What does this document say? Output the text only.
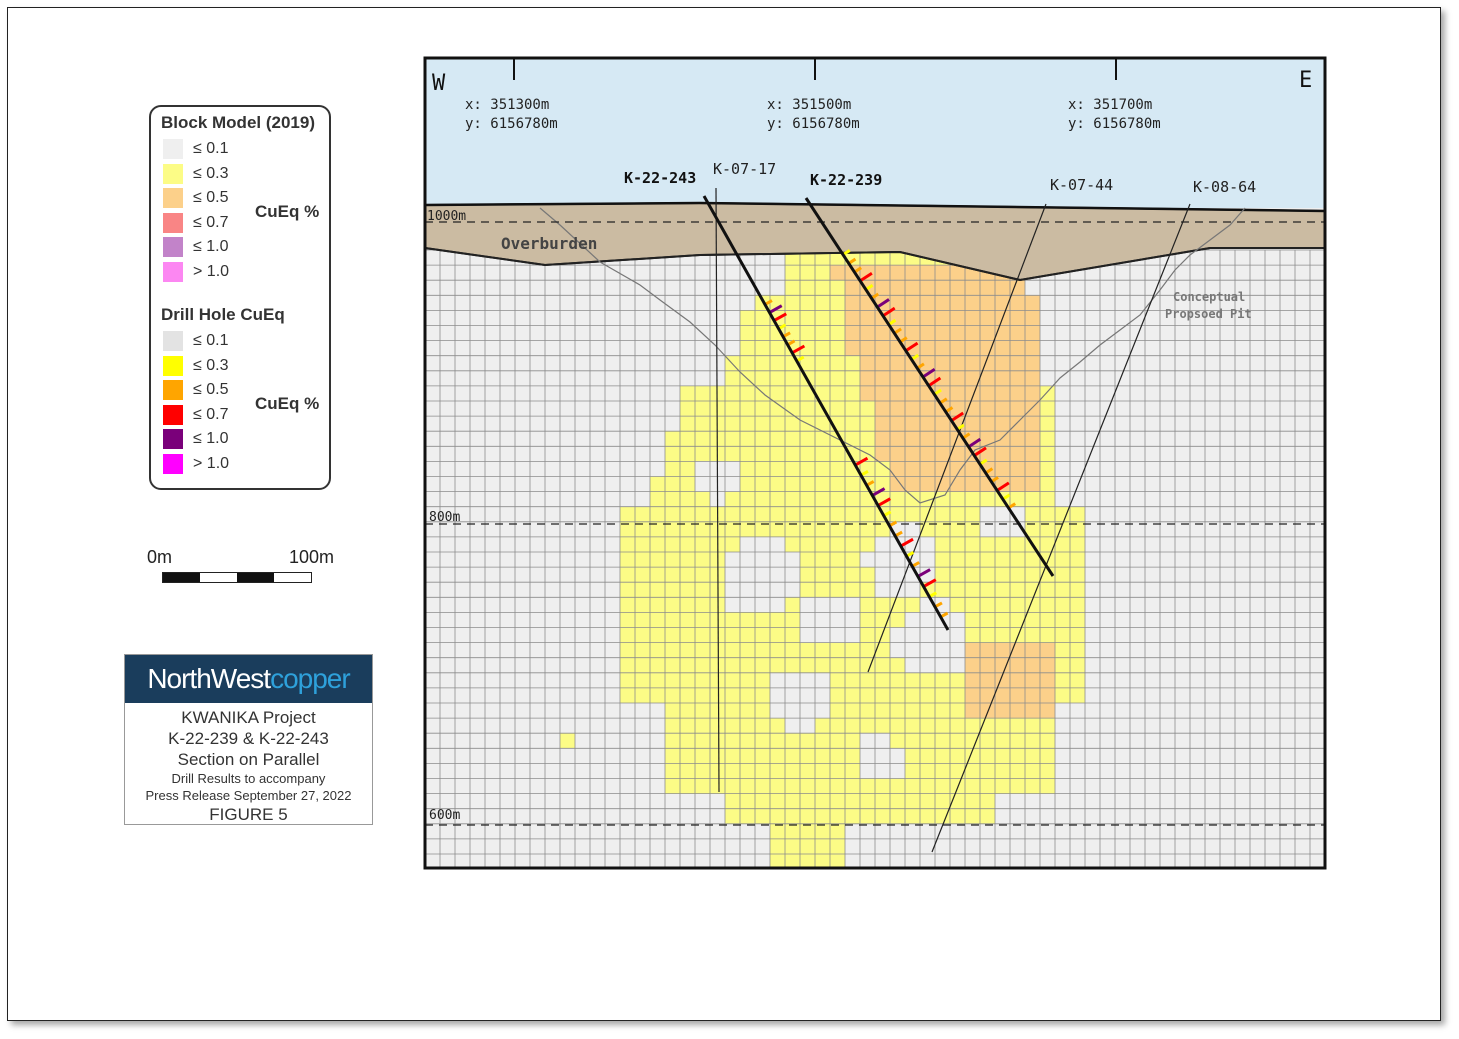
Block Model (2019)
≤ 0.1
≤ 0.3
≤ 0.5
≤ 0.7
≤ 1.0
> 1.0
CuEq %
Drill Hole CuEq
≤ 0.1
≤ 0.3
≤ 0.5
≤ 0.7
≤ 1.0
> 1.0
CuEq %
0m	100m
NorthWest copper
KWANIKA Project
K-22-239 & K-22-243
Section on Parallel
Drill Results to accompany
Press Release September 27, 2022
FIGURE 5
W	E
x: 351300m
y: 6156780m
x: 351500m
y: 6156780m
x: 351700m
y: 6156780m
1000m
800m
600m
Overburden
Conceptual
Propsoed Pit
K-22-243 K-07-17
K-22-239	K-07-44	K-08-64
